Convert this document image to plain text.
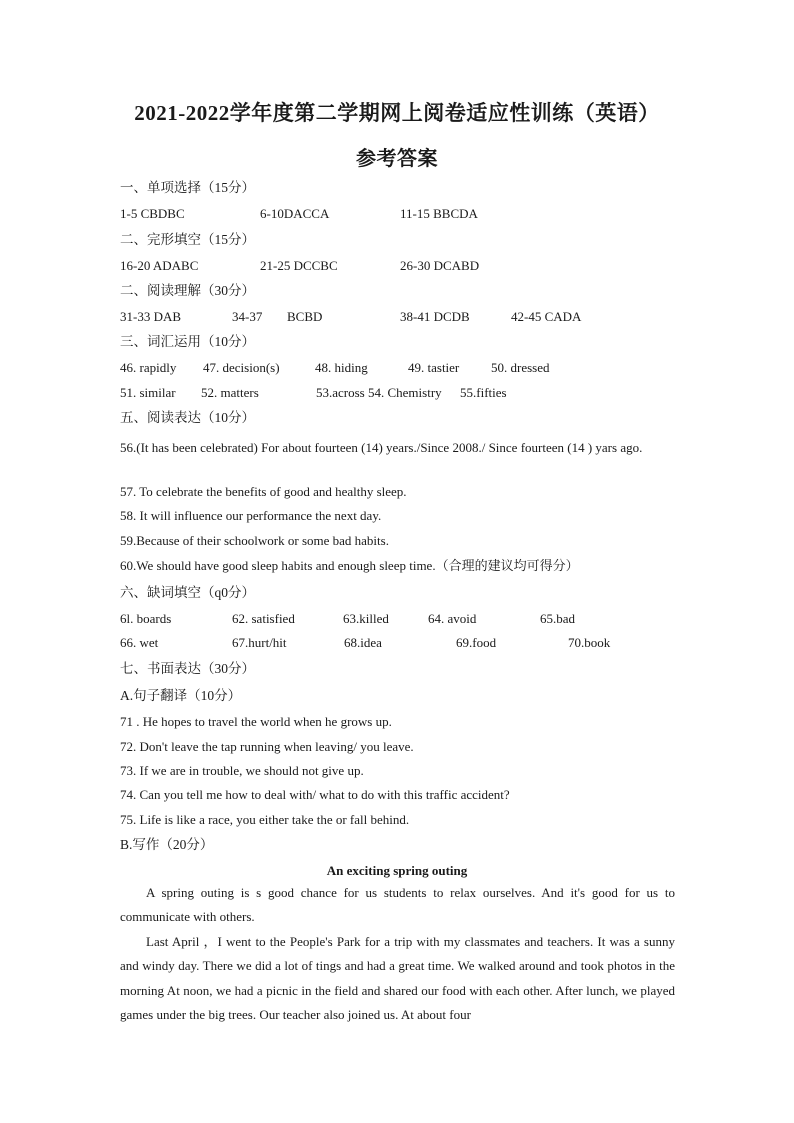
2021-2022学年度第二学期网上阅卷适应性训练（英语）
参考答案
一、单项选择（15分）
1-5 CBDBC	6-10DACCA	11-15 BBCDA
二、完形填空（15分）
16-20 ADABC	21-25 DCCBC	26-30 DCABD
二、阅读理解（30分）
31-33 DAB	34-37 BCBD	38-41 DCDB	42-45 CADA
三、词汇运用（10分）
46. rapidly 47. decision(s)	48. hiding	49. tastier 50. dressed
51. similar 52. matters	53.across 54. Chemistry 55.fifties
五、阅读表达（10分）
56.(It has been celebrated) For about fourteen (14) years./Since 2008./ Since fourteen (14 ) yars ago.
57. To celebrate the benefits of good and healthy sleep.
58. It will influence our performance the next day.
59.Because of their schoolwork or some bad habits.
60.We should have good sleep habits and enough sleep time.（合理的建议均可得分）
六、缺词填空（q0分）
6l. boards	62. satisfied	63.killed	64. avoid	65.bad
66. wet	67.hurt/hit	68.idea	69.food	70.book
七、书面表达（30分）
A.句子翻译（10分）
71 . He hopes to travel the world when he grows up.
72. Don't leave the tap running when leaving/ you leave.
73. If we are in trouble, we should not give up.
74. Can you tell me how to deal with/ what to do with this traffic accident?
75. Life is like a race, you either take the or fall behind.
B.写作（20分）
An exciting spring outing
A spring outing is s good chance for us students to relax ourselves. And it's good for us to communicate with others.
Last April ，I went to the People's Park for a trip with my classmates and teachers. It was a sunny and windy day. There we did a lot of tings and had a great time. We walked around and took photos in the morning At noon, we had a picnic in the field and shared our food with each other. After lunch, we played games under the big trees. Our teacher also joined us. At about four
